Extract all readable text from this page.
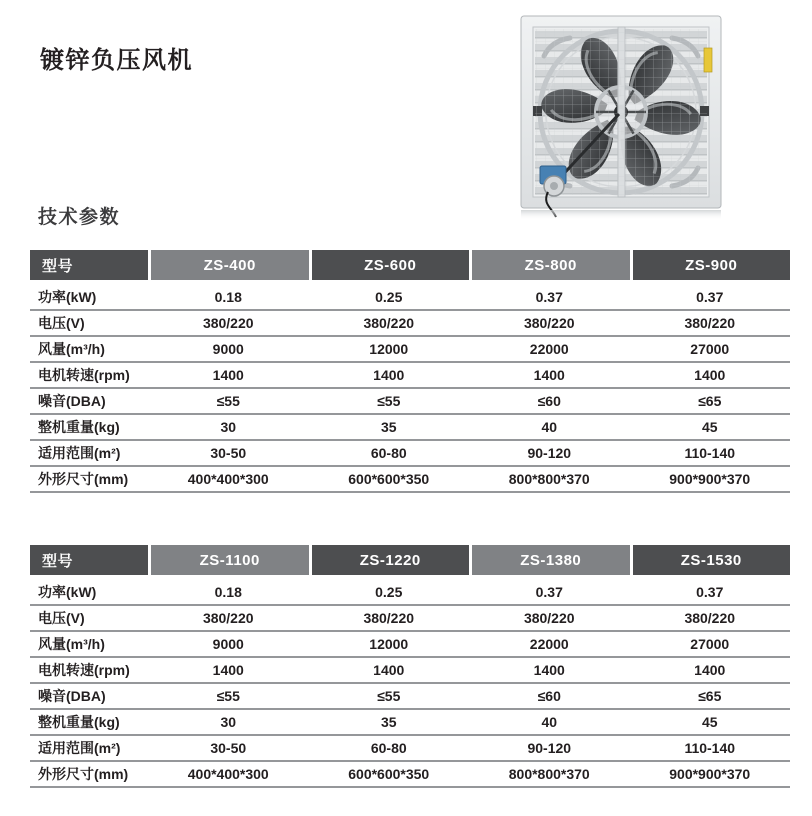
镀锌负压风机
技术参数
型号	ZS-400	ZS-600	ZS-800	ZS-900
功率(kW)	0.18	0.25	0.37	0.37
电压(V)	380/220	380/220	380/220	380/220
风量(m³/h)	9000	12000	22000	27000
电机转速(rpm)	1400	1400	1400	1400
噪音(DBA)	≤55	≤55	≤60	≤65
整机重量(kg)	30	35	40	45
适用范围(m²)	30-50	60-80	90-120	110-140
外形尺寸(mm)	400*400*300	600*600*350	800*800*370	900*900*370
型号	ZS-1100	ZS-1220	ZS-1380	ZS-1530
功率(kW)	0.18	0.25	0.37	0.37
电压(V)	380/220	380/220	380/220	380/220
风量(m³/h)	9000	12000	22000	27000
电机转速(rpm)	1400	1400	1400	1400
噪音(DBA)	≤55	≤55	≤60	≤65
整机重量(kg)	30	35	40	45
适用范围(m²)	30-50	60-80	90-120	110-140
外形尺寸(mm)	400*400*300	600*600*350	800*800*370	900*900*370
